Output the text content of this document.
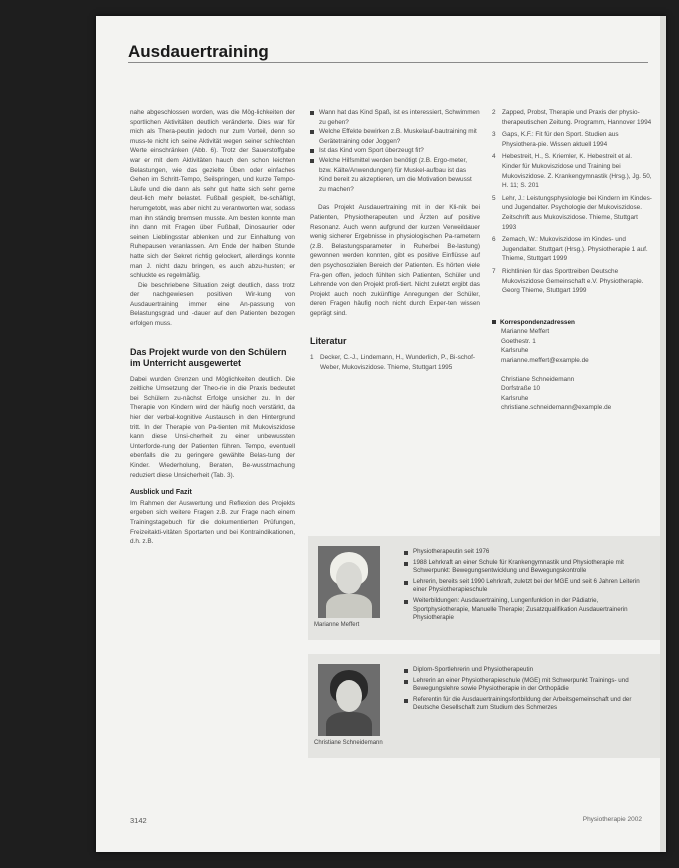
Ausdauertraining

nahe abgeschlossen worden, was die Mög-lichkeiten der sportlichen Aktivitäten deutlich veränderte. Dies war für mich als Thera-peutin jedoch nur zum Vorteil, denn so muss-te nicht ich seine Aktivität wegen seiner schlechten Werte einschränken (Abb. 6). Trotz der Sauerstoffgabe war er mit dem Aktivitäten hauch den schon leichten Belastungen, wie das gezielte Üben oder einfaches Gehen im Schritt-Tempo, Seilspringen, und kurze Tempo-Läufe und die dann als sehr gut hatte sich sehr gerne deut-lich mehr belastet. Fußball gespielt, be-schäftigt, herumgetobt, was aber nicht zu verantworten war, sodass man ihn ständig bremsen musste. Am besten konnte man ihn dann mit Fragen über Fußball, Dinosaurier oder seinen Lieblingsstar ablenken und zur Einhaltung von Ruhepausen veranlassen. Am Ende der halben Stunde hatte sich der Sekret richtig gelockert, allerdings konnte man J. nicht dazu bringen, es auch abzu-husten; er schluckte es regelmäßig.

Die beschriebene Situation zeigt deutlich, dass trotz der nachgewiesen positiven Wir-kung von Ausdauertraining immer eine An-passung von Belastungsgrad und -dauer auf den Patienten bezogen erfolgen muss.

Das Projekt wurde von den Schülern im Unterricht ausgewertet

Dabei wurden Grenzen und Möglichkeiten deutlich. Die zeitliche Umsetzung der Theo-rie in die Praxis bedeutet bei Schülern zu-nächst Erfolge unsicher zu. In der Therapie von Kindern wird der häufig noch verstärkt, da hier der verbal-kognitive Austausch in den Hintergrund tritt. In der Therapie von Pa-tienten mit Mukoviszidose kann diese Unsi-cherheit zu einer unbewussten Unterforde-rung der Patienten führen. Tempo, eventuell ebenfalls die zu geringere gewählte Belas-tung der Kinder. Wiederholung, Beraten, Be-wusstmachung reduziert diese Unsicherheit (Tab. 3).

Ausblick und Fazit

Im Rahmen der Auswertung und Reflexion des Projekts ergeben sich weitere Fragen z.B. zur Frage nach einem Trainingstagebuch für die dokumentierten Prüfungen, Freizeitakti-vitäten Sportarten und bei Kontraindikationen, d.h. z.B.

Wann hat das Kind Spaß, ist es interessiert, Schwimmen zu gehen?
Welche Effekte bewirken z.B. Muskelauf-bautraining mit Gerätetraining oder Joggen?
Ist das Kind vom Sport überzeugt fit?
Welche Hilfsmittel werden benötigt (z.B. Ergo-meter, bzw. Kälte/Anwendungen) für Muskel-aufbau ist das Kind bereit zu akzeptieren, um die Motivation bewusst zu machen?

Das Projekt Ausdauertraining mit in der Kli-nik bei Patienten, Physiotherapeuten und Ärzten auf positive Resonanz. Auch wenn aufgrund der kurzen Verweildauer wenig sicherer Ergebnisse in physiologischen Pa-rametern (z.B. Belastungsparameter in Ruhe/bei Be-lastung) gewonnen werden konnten, gibt es positive Einflüsse auf den psychosozialen Bereich der Patienten. Es hörten viele Fra-gen offen, jedoch fühlten sich Patienten, Schüler und Lehrende von den Projekt profi-tiert. Nicht zuletzt ergibt das Projekt auch noch zukünftige Anregungen der Schüler, deren Fragen häufig noch nicht durch Exper-ten wissen geprägt sind.

Literatur
1 Decker, C.-J., Lindemann, H., Wunderlich, P., Bi-schof-Weber, Mukoviszidose. Thieme, Stuttgart 1995
2 Zapped, Probst, Therapie und Praxis der physio-therapeutischen Zeitung. Programm, Hannover 1994
3 Gaps, K.F.: Fit für den Sport. Studien aus Physiothera-pie. Wissen aktuell 1994
4 Hebestreit, H., S. Kriemler, K. Hebestreit et al. Kinder für Mukoviszidose und Training bei Mukoviszidose. Z. Krankengymnastik (Hrsg.), Jg. 50, H. 11; S. 201
5 Lehr, J.: Leistungsphysiologie bei Kindern im Kindes- und Jugendalter. Psychologie der Mukoviszidose. Zeitschrift aus Mukoviszidose. Thieme, Stuttgart 1993
6 Zemach, W.: Mukoviszidose im Kindes- und Jugendalter. Stuttgart (Hrsg.). Physiotherapie 1 auf. Thieme, Stuttgart 1999
7 Richtlinien für das Sporttreiben Deutsche Mukoviszidose Gemeinschaft e.V. Physiotherapie. Georg Thieme, Stuttgart 1999
Korrespondenzadressen
Marianne Meffert
Goethestr. 1
Karlsruhe
marianne.meffert@example.de
Christiane Schneidemann
Dorfstraße 10
Karlsruhe
christiane.schneidemann@example.de
Marianne Meffert
Physiotherapeutin seit 1976
1988 Lehrkraft an einer Schule für Krankengymnastik und Physiotherapie mit Schwerpunkt: Bewegungsentwicklung und Bewegungskontrolle
Lehrerin, bereits seit 1990 Lehrkraft, zuletzt bei der MGE und seit 6 Jahren Leiterin einer Physiotherapieschule
Weiterbildungen: Ausdauertraining, Lungenfunktion in der Pädiatrie, Sportphysiotherapie, Manuelle Therapie; Zusatzqualifikation Ausdauertrainerin Physiotherapie
Christiane Schneidemann
Diplom-Sportlehrerin und Physiotherapeutin
Lehrerin an einer Physiotherapieschule (MGE) mit Schwerpunkt Trainings- und Bewegungslehre sowie Physiotherapie in der Orthopädie
Referentin für die Ausdauertrainingsfortbildung der Arbeitsgemeinschaft und der Deutsche Gesellschaft zum Studium des Schmerzes
3142	Physiotherapie 2002
